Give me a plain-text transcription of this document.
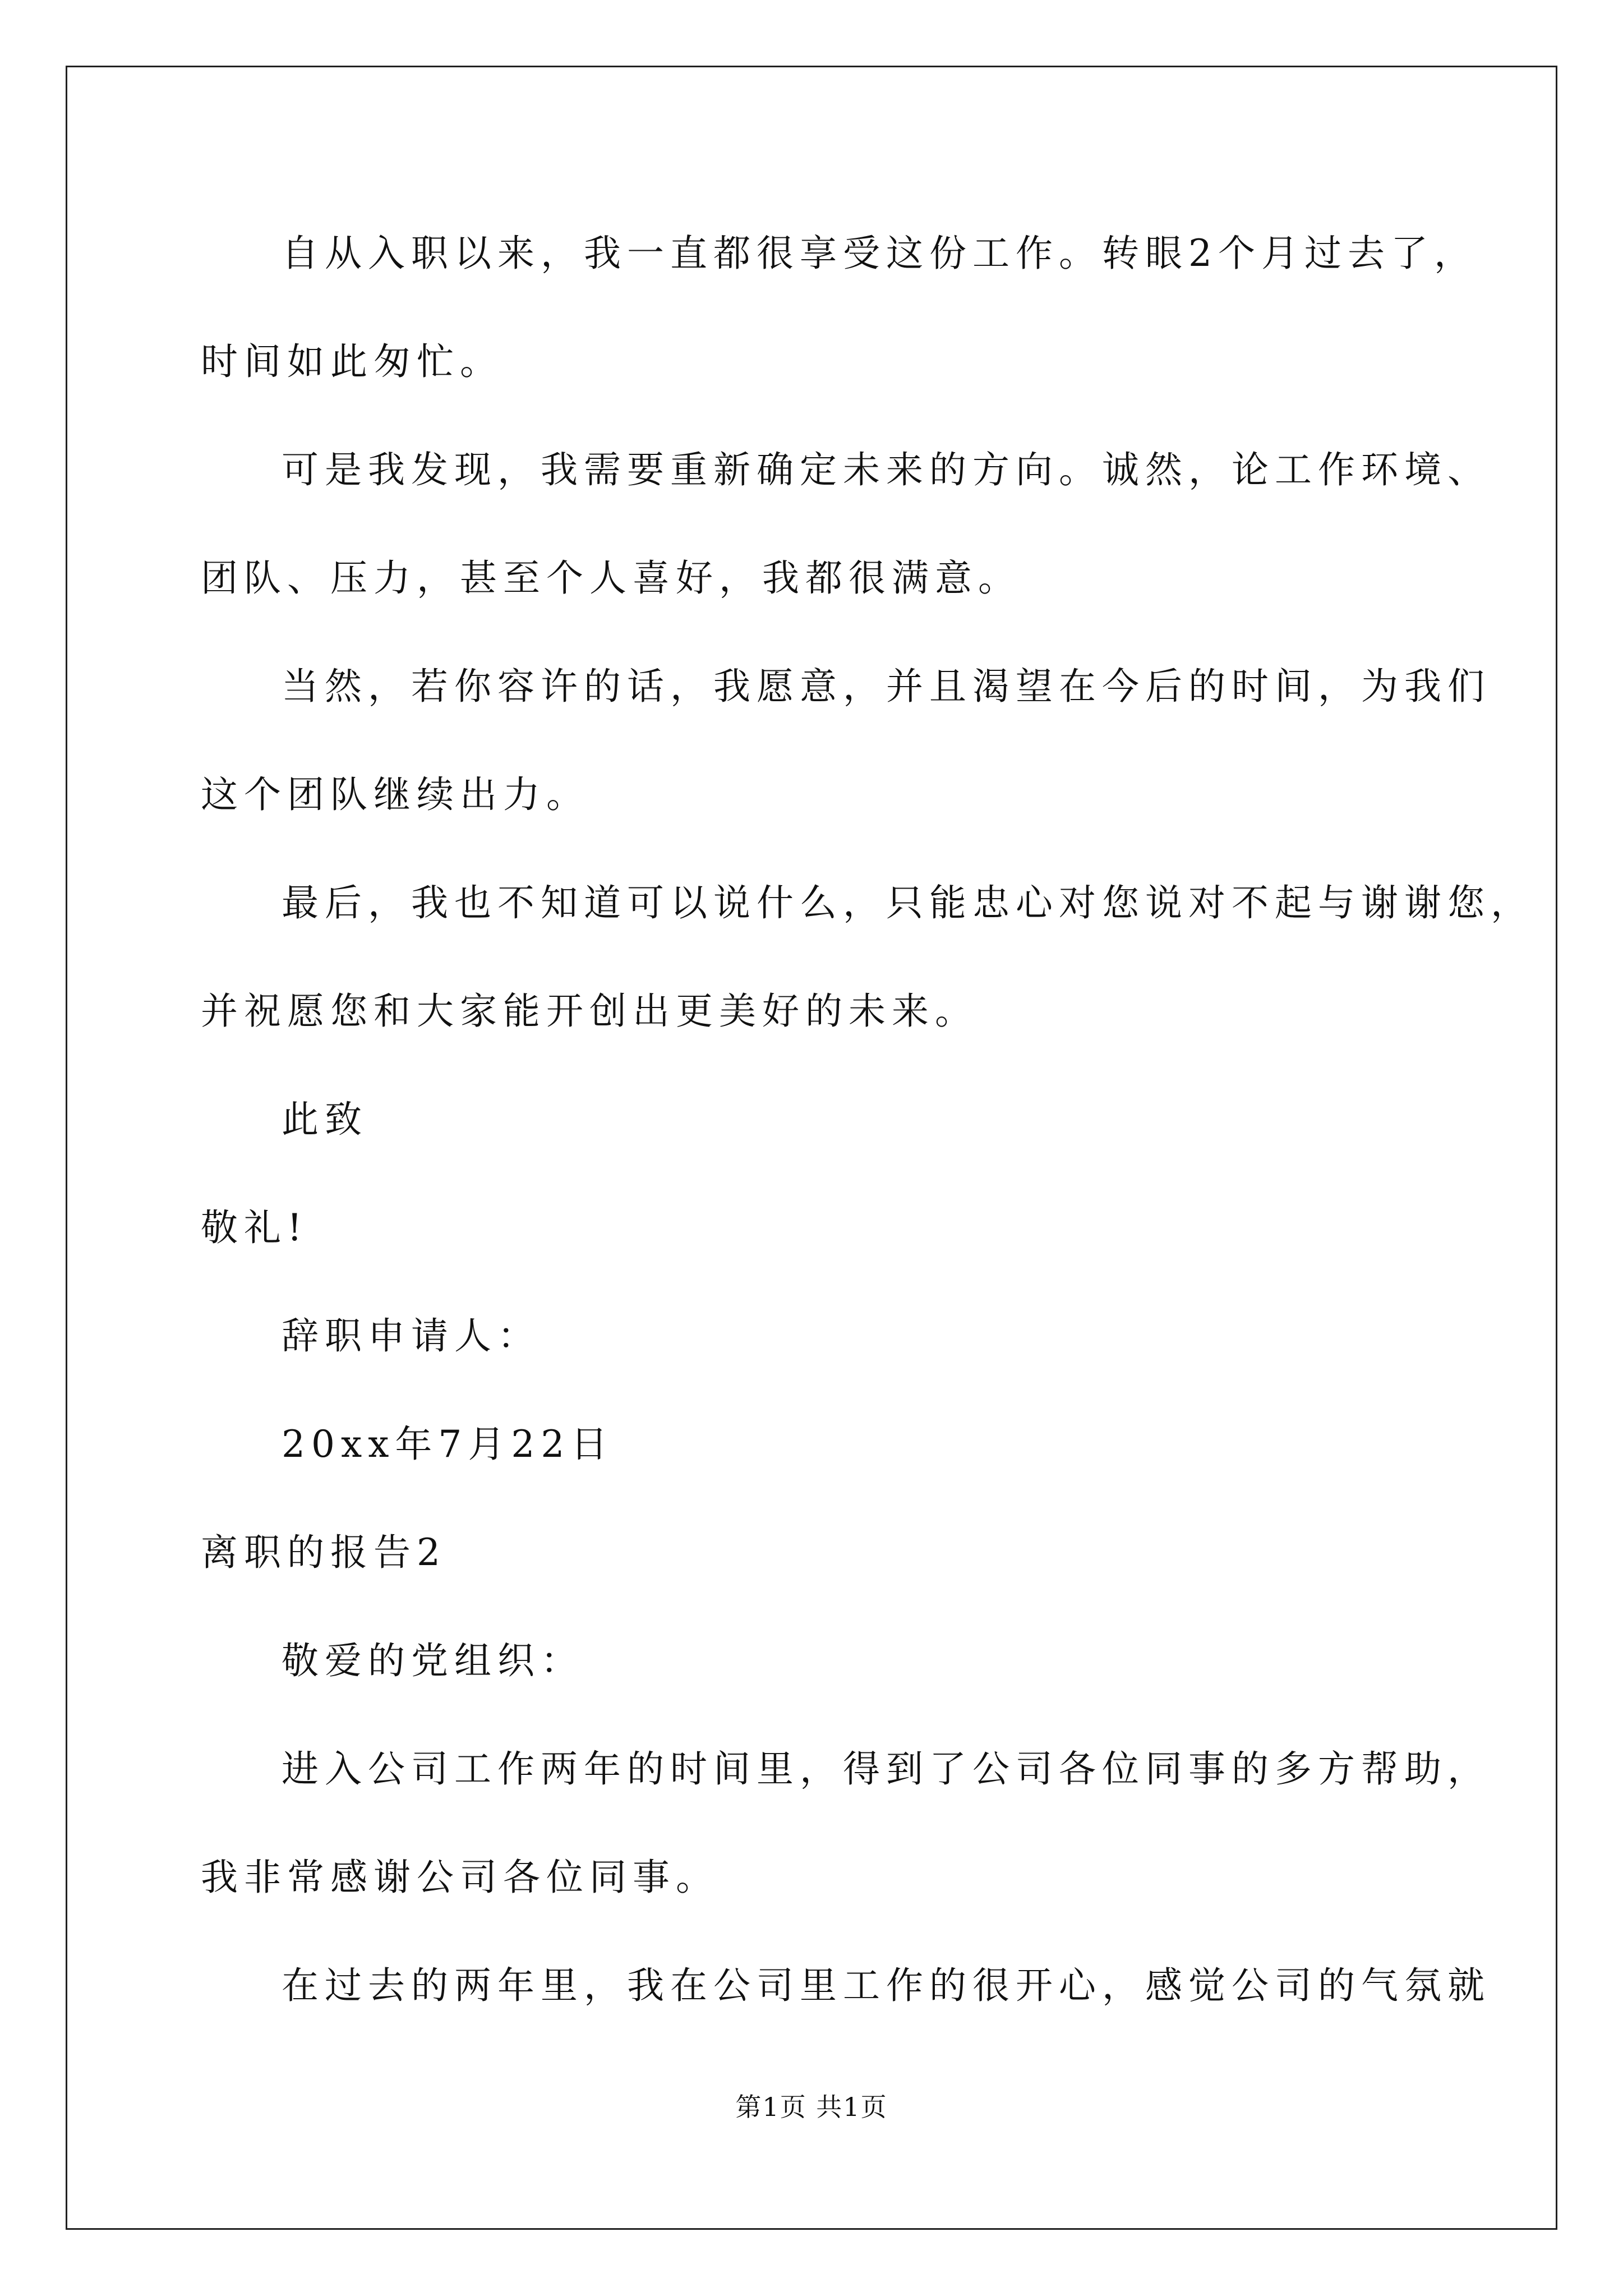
自从入职以来，我一直都很享受这份工作。转眼2个月过去了，
时间如此匆忙。
可是我发现，我需要重新确定未来的方向。诚然，论工作环境、
团队、压力，甚至个人喜好，我都很满意。
当然，若你容许的话，我愿意，并且渴望在今后的时间，为我们
这个团队继续出力。
最后，我也不知道可以说什么，只能忠心对您说对不起与谢谢您，
并祝愿您和大家能开创出更美好的未来。
此致
敬礼!
辞职申请人：
20xx年7月22日
离职的报告2
敬爱的党组织：
进入公司工作两年的时间里，得到了公司各位同事的多方帮助，
我非常感谢公司各位同事。
在过去的两年里，我在公司里工作的很开心，感觉公司的气氛就
第1页 共1页
